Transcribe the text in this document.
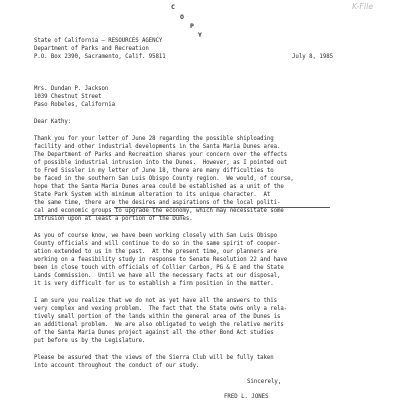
C
O
P
Y
K-File
State of California — RESOURCES AGENCY
Department of Parks and Recreation
P.O. Box 2390, Sacramento, Calif. 95811	July 8, 1985
Mrs. Dundan P. Jackson
1039 Chestnut Street
Paso Robeles, California
Dear Kathy:
Thank you for your letter of June 28 regarding the possible shiploading
facility and other industrial developments in the Santa Maria Dunes area.
The Department of Parks and Recreation shares your concern over the effects
of possible industrial intrusion into the Dunes.  However, as I pointed out
to Fred Sissler in my letter of June 18, there are many difficulties to
be faced in the southern San Luis Obispo County region.  We would, of course,
hope that the Santa Maria Dunes area could be established as a unit of the
State Park System with minimum alteration to its unique character.  At
the same time, there are the desires and aspirations of the local politi-
cal and economic groups to upgrade the economy, which may necessitate some
intrusion upon at least a portion of the Dunes.
As you of course know, we have been working closely with San Luis Obispo
County officials and will continue to do so in the same spirit of cooper-
ation extended to us in the past.  At the present time, our planners are
working on a feasibility study in response to Senate Resolution 22 and have
been in close touch with officials of Collier Carbon, PG & E and the State
Lands Commission.  Until we have all the necessary facts at our disposal,
it is very difficult for us to establish a firm position in the matter.
I am sure you realize that we do not as yet have all the answers to this
very complex and vexing problem.  The fact that the State owns only a rela-
tively small portion of the lands within the general area of the Dunes is
an additional problem.  We are also obligated to weigh the relative merits
of the Santa Maria Dunes project against all the other Bond Act studies
put before us by the Legislature.
Please be assured that the views of the Sierra Club will be fully taken
into account throughout the conduct of our study.
Sincerely,
FRED L. JONES
